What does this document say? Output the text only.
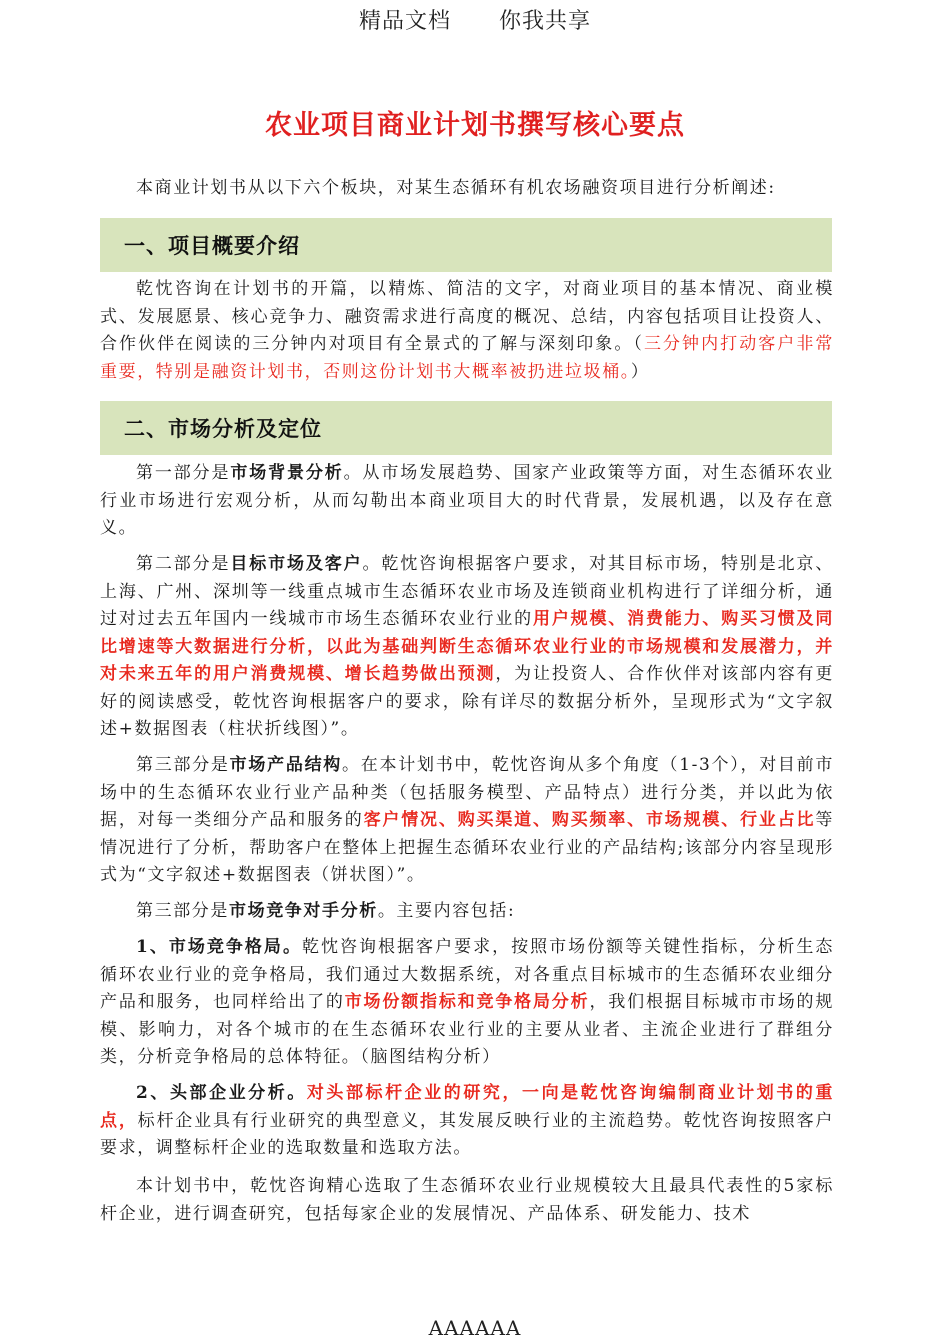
精品文档 你我共享
农业项目商业计划书撰写核心要点
本商业计划书从以下六个板块，对某生态循环有机农场融资项目进行分析阐述:
一、项目概要介绍
乾忱咨询在计划书的开篇，以精炼、简洁的文字，对商业项目的基本情况、商业模式、发展愿景、核心竞争力、融资需求进行高度的概况、总结，内容包括项目让投资人、合作伙伴在阅读的三分钟内对项目有全景式的了解与深刻印象。（三分钟内打动客户非常重要，特别是融资计划书，否则这份计划书大概率被扔进垃圾桶。）
二、市场分析及定位
第一部分是市场背景分析。从市场发展趋势、国家产业政策等方面，对生态循环农业行业市场进行宏观分析，从而勾勒出本商业项目大的时代背景，发展机遇，以及存在意义。
第二部分是目标市场及客户。乾忱咨询根据客户要求，对其目标市场，特别是北京、上海、广州、深圳等一线重点城市生态循环农业市场及连锁商业机构进行了详细分析，通过对过去五年国内一线城市市场生态循环农业行业的用户规模、消费能力、购买习惯及同比增速等大数据进行分析，以此为基础判断生态循环农业行业的市场规模和发展潜力，并对未来五年的用户消费规模、增长趋势做出预测，为让投资人、合作伙伴对该部内容有更好的阅读感受，乾忱咨询根据客户的要求，除有详尽的数据分析外，呈现形式为“文字叙述+数据图表（柱状折线图）”。
第三部分是市场产品结构。在本计划书中，乾忱咨询从多个角度（1-3个），对目前市场中的生态循环农业行业产品种类（包括服务模型、产品特点）进行分类，并以此为依据，对每一类细分产品和服务的客户情况、购买渠道、购买频率、市场规模、行业占比等情况进行了分析，帮助客户在整体上把握生态循环农业行业的产品结构;该部分内容呈现形式为“文字叙述+数据图表（饼状图）”。
第三部分是市场竞争对手分析。主要内容包括:
1、市场竞争格局。乾忱咨询根据客户要求，按照市场份额等关键性指标，分析生态循环农业行业的竞争格局，我们通过大数据系统，对各重点目标城市的生态循环农业细分产品和服务，也同样给出了的市场份额指标和竞争格局分析，我们根据目标城市市场的规模、影响力，对各个城市的在生态循环农业行业的主要从业者、主流企业进行了群组分类，分析竞争格局的总体特征。（脑图结构分析）
2、头部企业分析。对头部标杆企业的研究，一向是乾忱咨询编制商业计划书的重点，标杆企业具有行业研究的典型意义，其发展反映行业的主流趋势。乾忱咨询按照客户要求，调整标杆企业的选取数量和选取方法。
本计划书中，乾忱咨询精心选取了生态循环农业行业规模较大且最具代表性的5家标杆企业，进行调查研究，包括每家企业的发展情况、产品体系、研发能力、技术
AAAAAA
